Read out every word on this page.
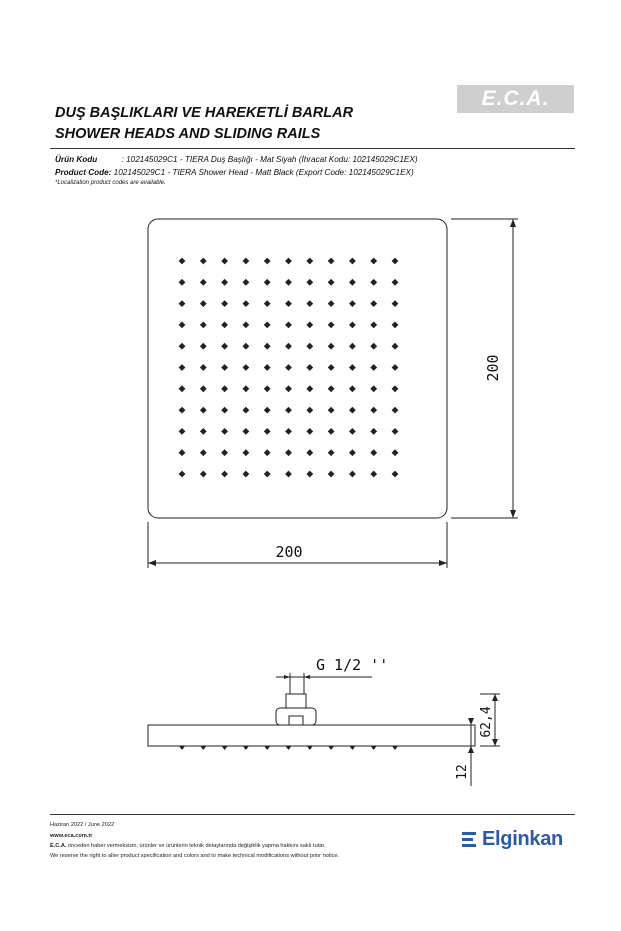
E.C.A.
DUŞ BAŞLIKLARI VE HAREKETLİ BARLAR
SHOWER HEADS AND SLIDING RAILS
Ürün Kodu	: 102145029C1 - TIERA Duş Başlığı - Mat Siyah (İhracat Kodu: 102145029C1EX)
Product Code: 102145029C1 - TIERA Shower Head - Matt Black (Export Code: 102145029C1EX)
*Localization product codes are available.
200
200
G 1/2 ''
62,4
12
Haziran 2022 / June 2022
www.eca.com.tr
E.C.A. önceden haber vermeksizin, ürünler ve ürünlerin teknik detaylarında değişiklik yapma hakkını saklı tutar.
We reserve the right to alter product specification and colors and to make technical modifications without prior notice.
Elginkan
